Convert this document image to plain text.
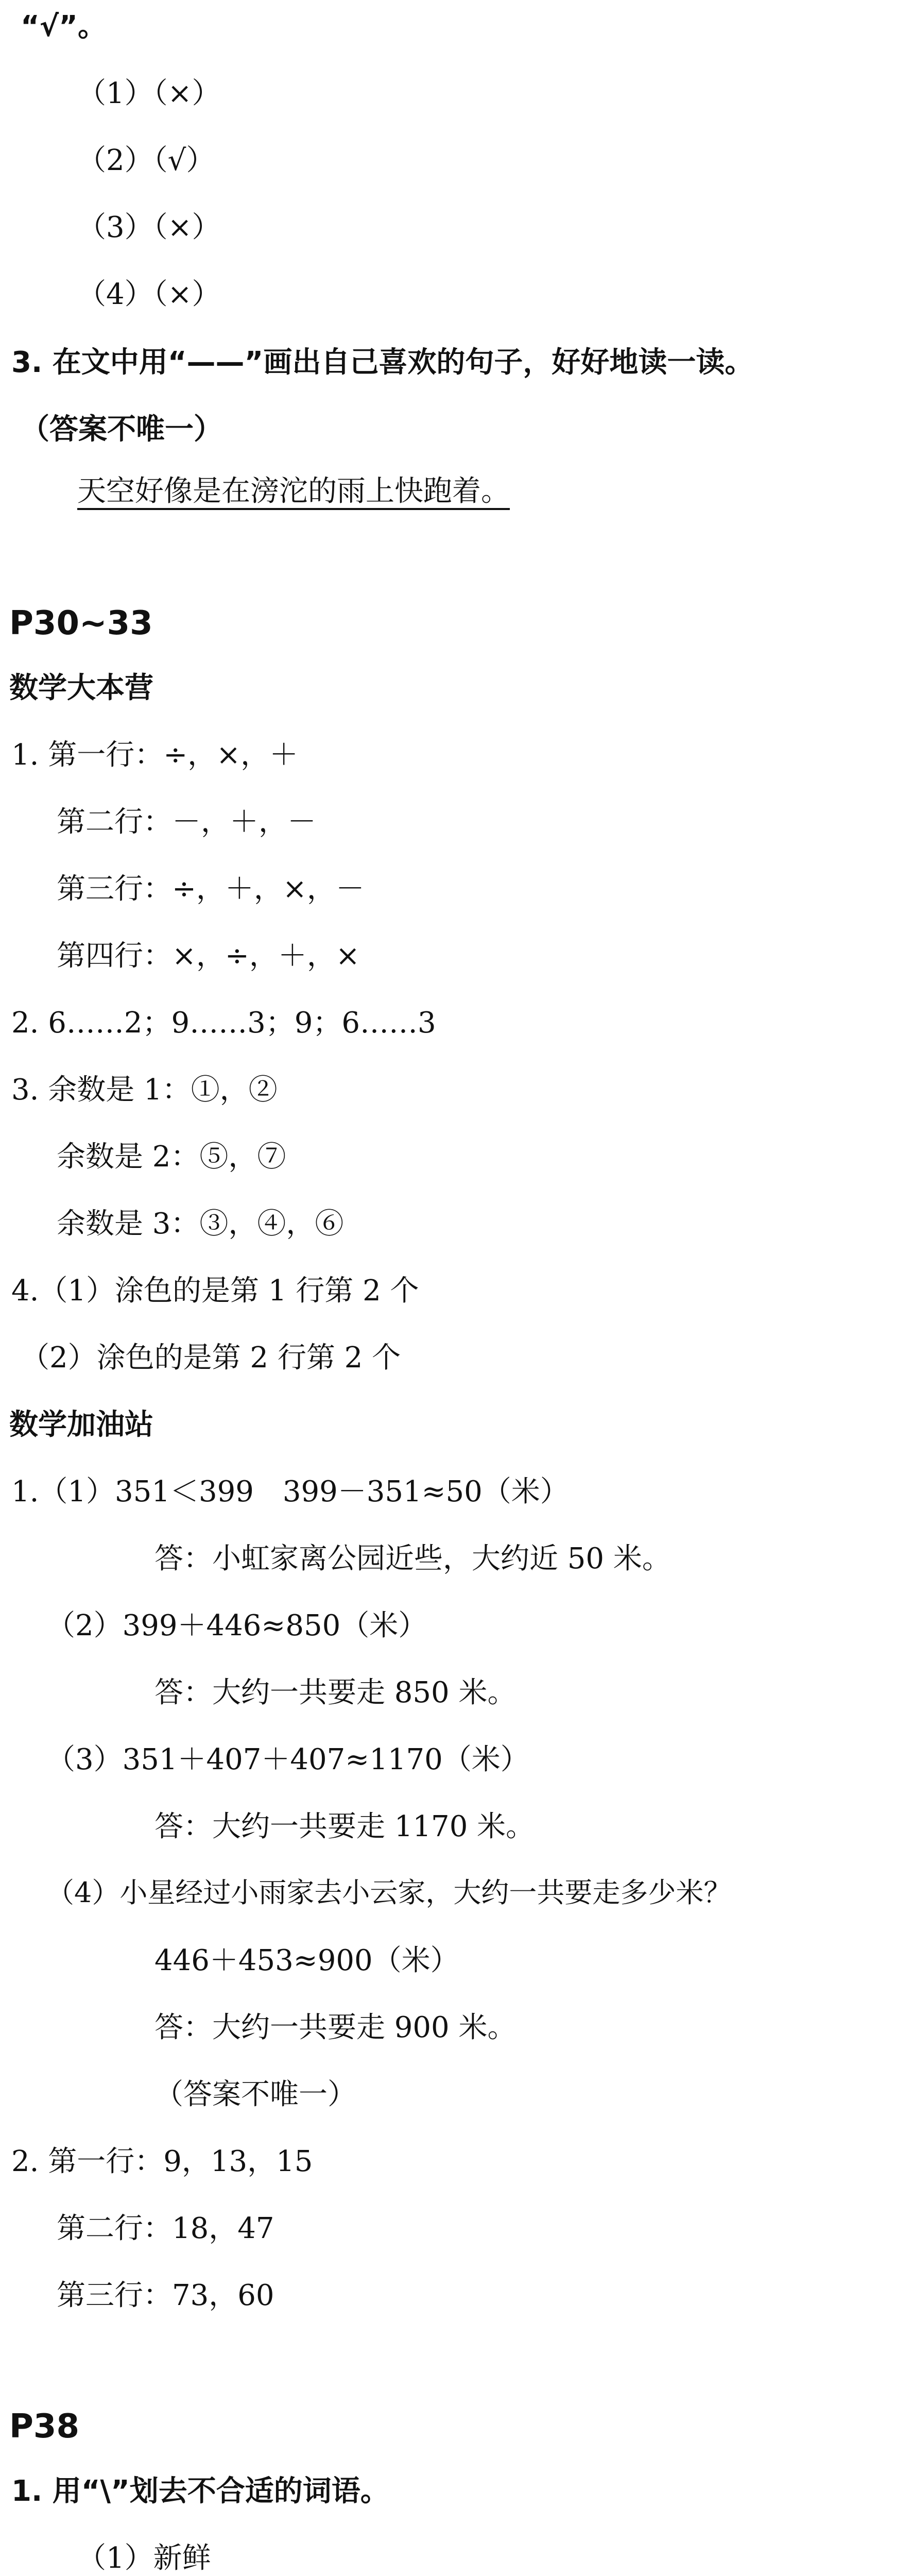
“√”。
（1）（×）
（2）（√）
（3）（×）
（4）（×）
3. 在文中用“——”画出自己喜欢的句子，好好地读一读。
（答案不唯一）
天空好像是在滂沱的雨上快跑着。
P30~33
数学大本营
1. 第一行：÷，×，＋
第二行：－，＋，－
第三行：÷，＋，×，－
第四行：×，÷，＋，×
2. 6……2；9……3；9；6……3
3. 余数是 1：①，②
余数是 2：⑤，⑦
余数是 3：③，④，⑥
4.（1）涂色的是第 1 行第 2 个
（2）涂色的是第 2 行第 2 个
数学加油站
1.（1）351＜399　399－351≈50（米）
答：小虹家离公园近些，大约近 50 米。
（2）399＋446≈850（米）
答：大约一共要走 850 米。
（3）351＋407＋407≈1170（米）
答：大约一共要走 1170 米。
（4）小星经过小雨家去小云家，大约一共要走多少米？
446＋453≈900（米）
答：大约一共要走 900 米。
（答案不唯一）
2. 第一行：9，13，15
第二行：18，47
第三行：73，60
P38
1. 用“\”划去不合适的词语。
（1）新鲜
